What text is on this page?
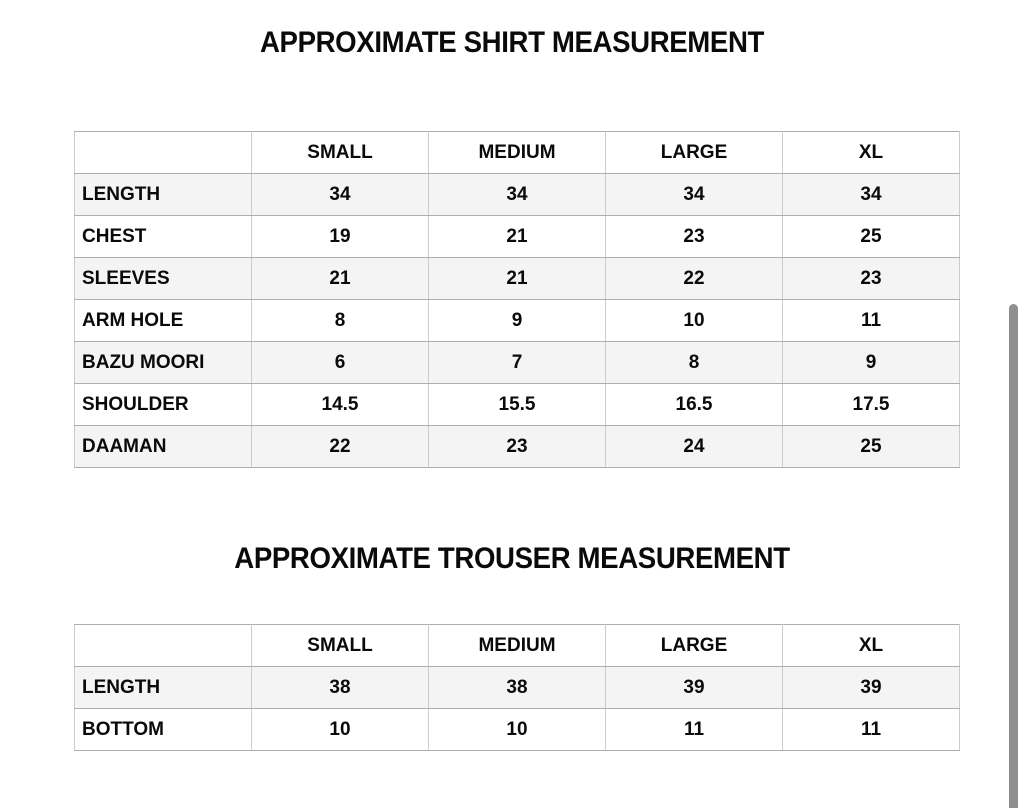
APPROXIMATE SHIRT MEASUREMENT
	SMALL	MEDIUM	LARGE	XL
LENGTH	34	34	34	34
CHEST	19	21	23	25
SLEEVES	21	21	22	23
ARM HOLE	8	9	10	11
BAZU MOORI	6	7	8	9
SHOULDER	14.5	15.5	16.5	17.5
DAAMAN	22	23	24	25
APPROXIMATE TROUSER MEASUREMENT
	SMALL	MEDIUM	LARGE	XL
LENGTH	38	38	39	39
BOTTOM	10	10	11	11
